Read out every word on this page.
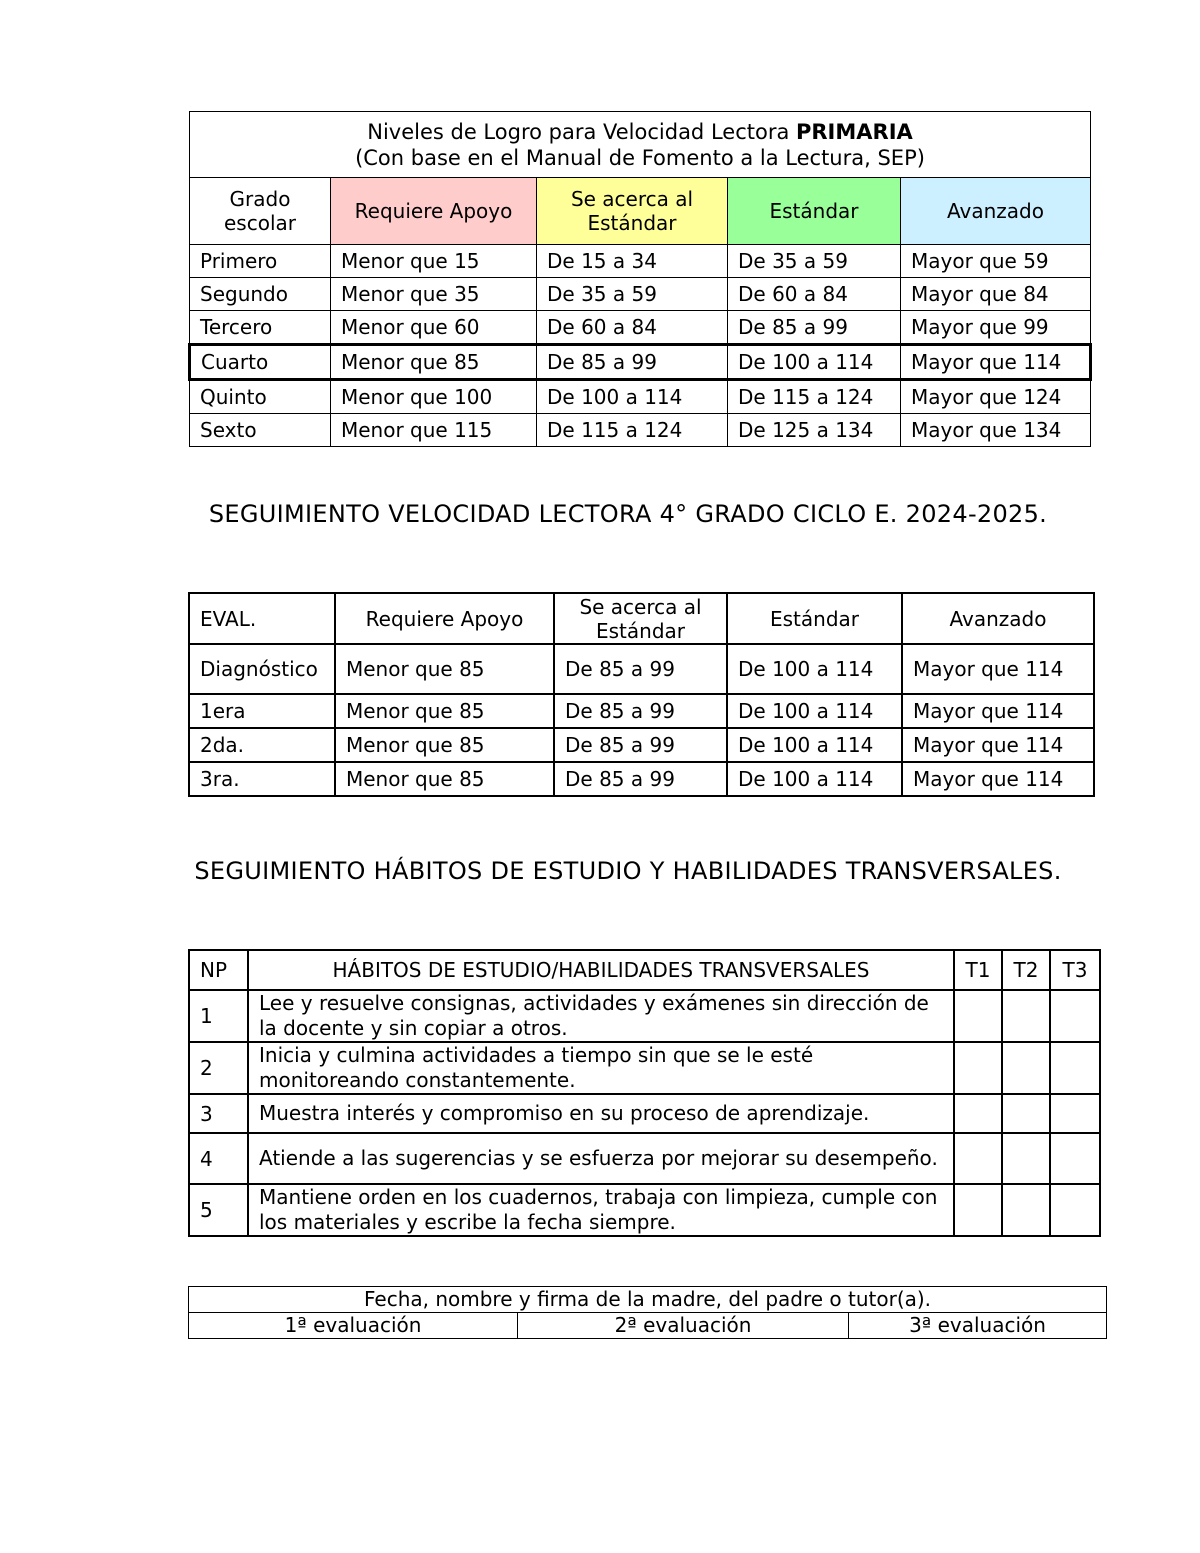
Niveles de Logro para Velocidad Lectora PRIMARIA
(Con base en el Manual de Fomento a la Lectura, SEP)				
Grado escolar	Requiere Apoyo	Se acerca al Estándar	Estándar	Avanzado
Primero	Menor que 15	De 15 a 34	De 35 a 59	Mayor que 59
Segundo	Menor que 35	De 35 a 59	De 60 a 84	Mayor que 84
Tercero	Menor que 60	De 60 a 84	De 85 a 99	Mayor que 99
Cuarto	Menor que 85	De 85 a 99	De 100 a 114	Mayor que 114
Quinto	Menor que 100	De 100 a 114	De 115 a 124	Mayor que 124
Sexto	Menor que 115	De 115 a 124	De 125 a 134	Mayor que 134
SEGUIMIENTO VELOCIDAD LECTORA 4° GRADO CICLO E. 2024-2025.
EVAL.	Requiere Apoyo	Se acerca al Estándar	Estándar	Avanzado
Diagnóstico	Menor que 85	De 85 a 99	De 100 a 114	Mayor que 114
1era	Menor que 85	De 85 a 99	De 100 a 114	Mayor que 114
2da.	Menor que 85	De 85 a 99	De 100 a 114	Mayor que 114
3ra.	Menor que 85	De 85 a 99	De 100 a 114	Mayor que 114
SEGUIMIENTO HÁBITOS DE ESTUDIO Y HABILIDADES TRANSVERSALES.
NP	HÁBITOS DE ESTUDIO/HABILIDADES TRANSVERSALES	T1	T2	T3
1	Lee y resuelve consignas, actividades y exámenes sin dirección de la docente y sin copiar a otros.			
2	Inicia y culmina actividades a tiempo sin que se le esté monitoreando constantemente.			
3	Muestra interés y compromiso en su proceso de aprendizaje.			
4	Atiende a las sugerencias y se esfuerza por mejorar su desempeño.			
5	Mantiene orden en los cuadernos, trabaja con limpieza, cumple con los materiales y escribe la fecha siempre.			
Fecha, nombre y firma de la madre, del padre o tutor(a).
1ª evaluación	2ª evaluación	3ª evaluación
